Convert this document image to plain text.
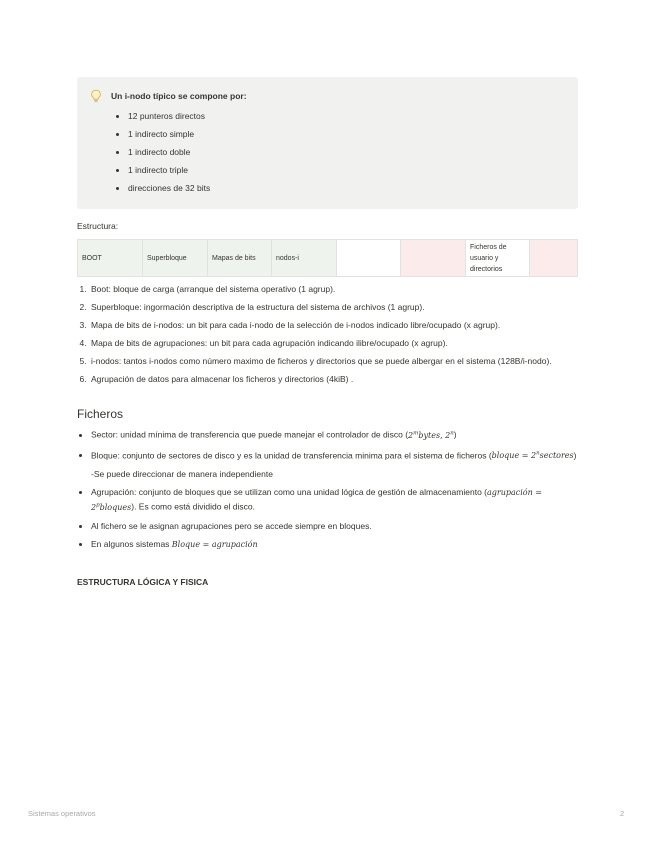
Un i-nodo típico se compone por:
• 12 punteros directos
• 1 indirecto simple
• 1 indirecto doble
• 1 indirecto triple
• direcciones de 32 bits
Estructura:
BOOT	Superbloque	Mapas de bits	nodos-i			Ficheros de usuario y directorios	
1. Boot: bloque de carga (arranque del sistema operativo (1 agrup).
2. Superbloque: ingormación descriptiva de la estructura del sistema de archivos (1 agrup).
3. Mapa de bits de i-nodos: un bit para cada i-nodo de la selección de i-nodos indicado libre/ocupado (x agrup).
4. Mapa de bits de agrupaciones: un bit para cada agrupación indicando ilibre/ocupado (x agrup).
5. i-nodos: tantos i-nodos como número maximo de ficheros y directorios que se puede albergar en el sistema (128B/i-nodo).
6. Agrupación de datos para almacenar los ficheros y directorios (4kiB) .
Ficheros
• Sector: unidad mínima de transferencia que puede manejar el controlador de disco (2$^m$bytes, 2$^n$)
• Bloque: conjunto de sectores de disco y es la unidad de transferencia minima para el sistema de ficheros (bloque = $2^nsectores$)
-Se puede direccionar de manera independiente
• Agrupación: conjunto de bloques que se utilizan como una unidad lógica de gestión de almacenamiento (agrupación = $2^pbloques$). Es como está dividido el disco.
• Al fichero se le asignan agrupaciones pero se accede siempre en bloques.
• En algunos sistemas Bloque = agrupación
ESTRUCTURA LÓGICA Y FISICA
Sistemas operativos	2
